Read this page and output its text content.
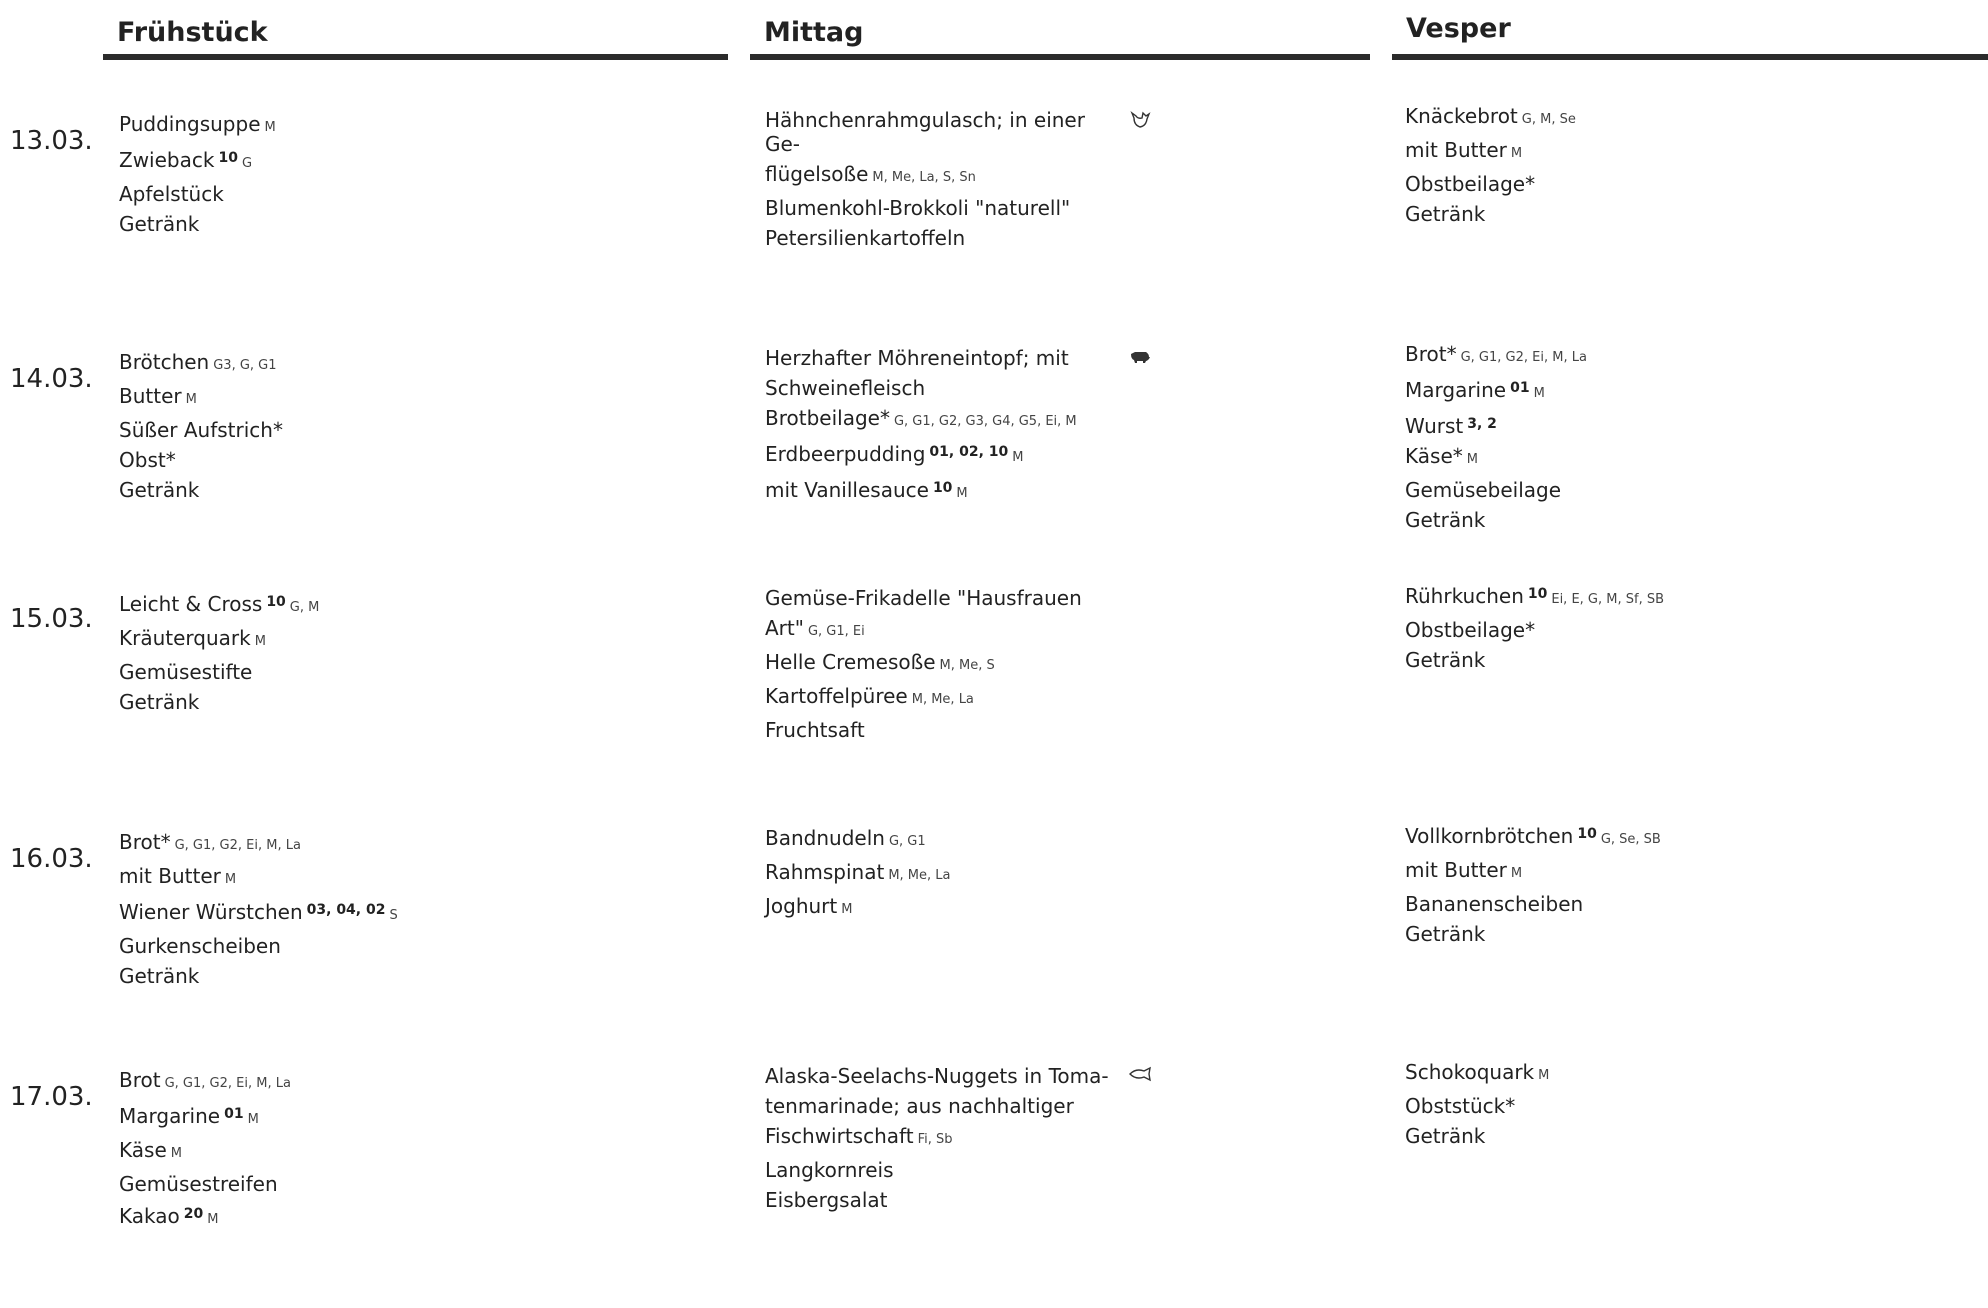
Frühstück	Mittag	Vesper
13.03.
Puddingsuppe M
Zwieback $^{10}$ G
Apfelstück
Getränk
Hähnchenrahmgulasch; in einer Ge-
flügelsoße M, Me, La, S, Sn
Blumenkohl-Brokkoli "naturell"
Petersilienkartoffeln
Knäckebrot G, M, Se
mit Butter M
Obstbeilage*
Getränk
14.03.
Brötchen G3, G, G1
Butter M
Süßer Aufstrich*
Obst*
Getränk
Herzhafter Möhreneintopf; mit
Schweinefleisch
Brotbeilage* G, G1, G2, G3, G4, G5, Ei, M
Erdbeerpudding $^{01, 02, 10}$ M
mit Vanillesauce $^{10}$ M
Brot* G, G1, G2, Ei, M, La
Margarine $^{01}$ M
Wurst $^{3, 2}$
Käse* M
Gemüsebeilage
Getränk
15.03. Leicht & Cross $^{10}$ G, M
Kräuterquark M
Gemüsestifte
Getränk
Gemüse-Frikadelle "Hausfrauen
Art" G, G1, Ei
Helle Cremesoße M, Me, S
Kartoffelpüree M, Me, La
Fruchtsaft
Rührkuchen $^{10}$ Ei, E, G, M, Sf, SB
Obstbeilage*
Getränk
16.03.
Brot* G, G1, G2, Ei, M, La
mit Butter M
Wiener Würstchen $^{03, 04, 02}$ S
Gurkenscheiben
Getränk
Bandnudeln G, G1
Rahmspinat M, Me, La
Joghurt M
Vollkornbrötchen $^{10}$ G, Se, SB
mit Butter M
Bananenscheiben
Getränk
17.03.
Brot G, G1, G2, Ei, M, La
Margarine $^{01}$ M
Käse M
Gemüsestreifen
Kakao $^{20}$ M
Alaska-Seelachs-Nuggets in Toma-
tenmarinade; aus nachhaltiger
Fischwirtschaft Fi, Sb
Langkornreis
Eisbergsalat
Schokoquark M
Obststück*
Getränk
